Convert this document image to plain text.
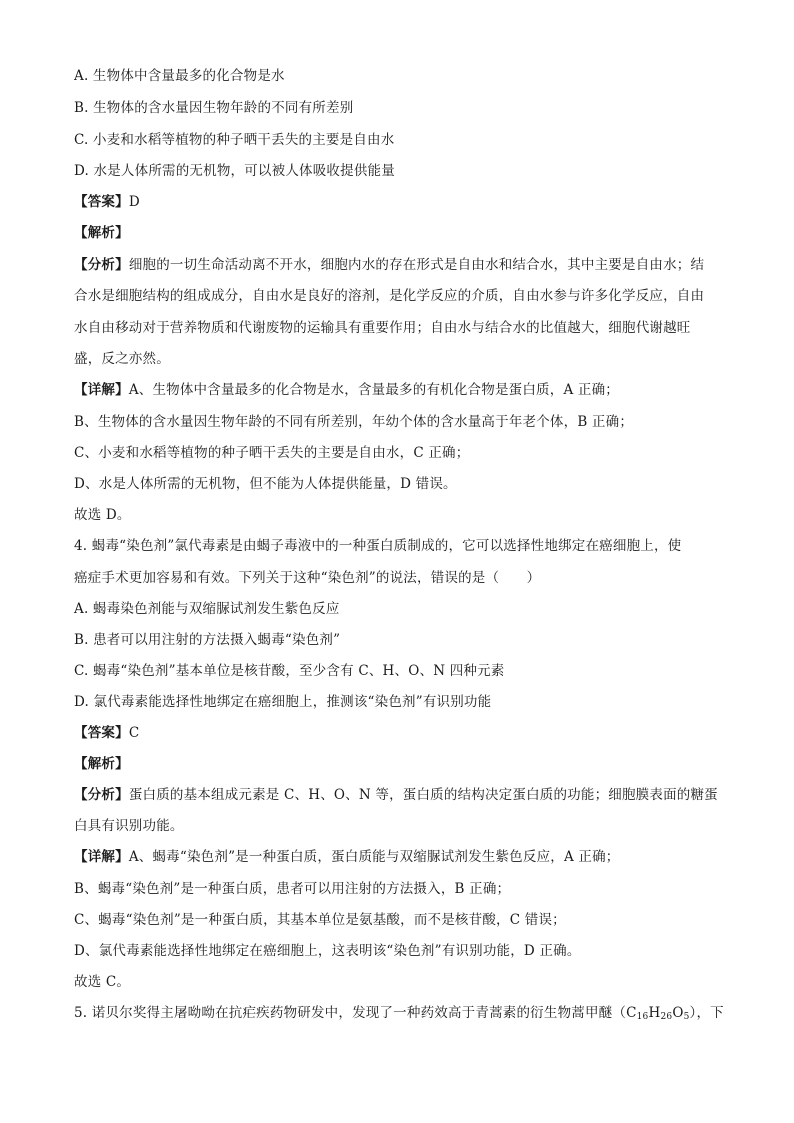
A. 生物体中含量最多的化合物是水
B. 生物体的含水量因生物年龄的不同有所差别
C. 小麦和水稻等植物的种子晒干丢失的主要是自由水
D. 水是人体所需的无机物，可以被人体吸收提供能量
【答案】D
【解析】
【分析】细胞的一切生命活动离不开水，细胞内水的存在形式是自由水和结合水，其中主要是自由水；结
合水是细胞结构的组成成分，自由水是良好的溶剂，是化学反应的介质，自由水参与许多化学反应，自由
水自由移动对于营养物质和代谢废物的运输具有重要作用；自由水与结合水的比值越大，细胞代谢越旺
盛，反之亦然。
【详解】A、生物体中含量最多的化合物是水，含量最多的有机化合物是蛋白质，A 正确；
B、生物体的含水量因生物年龄的不同有所差别，年幼个体的含水量高于年老个体，B 正确；
C、小麦和水稻等植物的种子晒干丢失的主要是自由水，C 正确；
D、水是人体所需的无机物，但不能为人体提供能量，D 错误。
故选 D。
4. 蝎毒“染色剂”氯代毒素是由蝎子毒液中的一种蛋白质制成的，它可以选择性地绑定在癌细胞上，使
癌症手术更加容易和有效。下列关于这种“染色剂”的说法，错误的是（　　）
A. 蝎毒染色剂能与双缩脲试剂发生紫色反应
B. 患者可以用注射的方法摄入蝎毒“染色剂”
C. 蝎毒“染色剂”基本单位是核苷酸，至少含有 C、H、O、N 四种元素
D. 氯代毒素能选择性地绑定在癌细胞上，推测该“染色剂”有识别功能
【答案】C
【解析】
【分析】蛋白质的基本组成元素是 C、H、O、N 等，蛋白质的结构决定蛋白质的功能；细胞膜表面的糖蛋
白具有识别功能。
【详解】A、蝎毒“染色剂”是一种蛋白质，蛋白质能与双缩脲试剂发生紫色反应，A 正确；
B、蝎毒“染色剂”是一种蛋白质，患者可以用注射的方法摄入，B 正确；
C、蝎毒“染色剂”是一种蛋白质，其基本单位是氨基酸，而不是核苷酸，C 错误；
D、氯代毒素能选择性地绑定在癌细胞上，这表明该“染色剂”有识别功能，D 正确。
故选 C。
5. 诺贝尔奖得主屠呦呦在抗疟疾药物研发中，发现了一种药效高于青蒿素的衍生物蒿甲醚$(C_{16}H_{26}O_5)$，下
